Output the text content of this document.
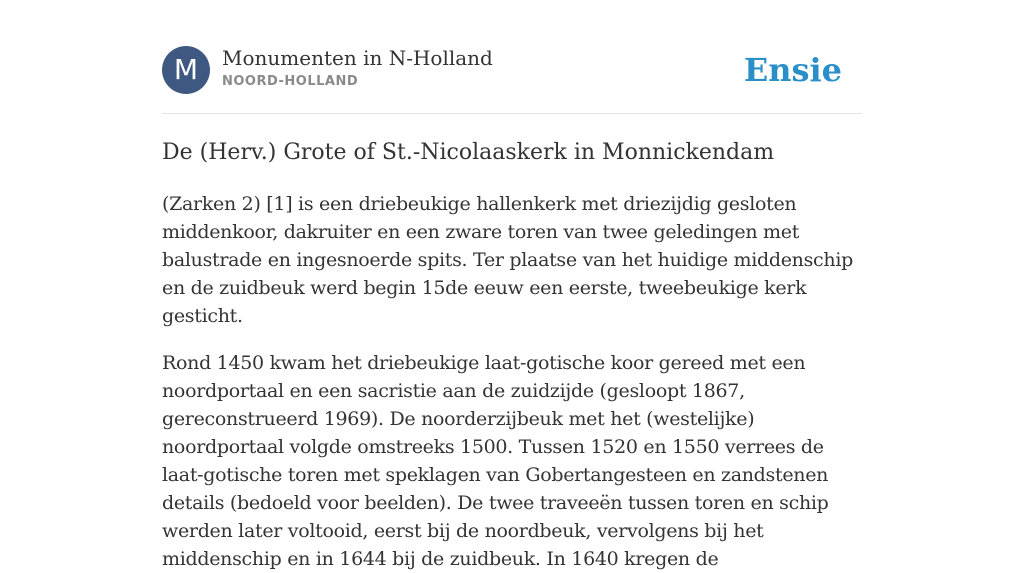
M	Monumenten in N-Holland
NOORD-HOLLAND	Ensie
De (Herv.) Grote of St.-Nicolaaskerk in Monnickendam

(Zarken 2) [1] is een driebeukige hallenkerk met driezijdig gesloten middenkoor, dakruiter en een zware toren van twee geledingen met balustrade en ingesnoerde spits. Ter plaatse van het huidige middenschip en de zuidbeuk werd begin 15de eeuw een eerste, tweebeukige kerk gesticht.

Rond 1450 kwam het driebeukige laat-gotische koor gereed met een noordportaal en een sacristie aan de zuidzijde (gesloopt 1867, gereconstrueerd 1969). De noorderzijbeuk met het (westelijke) noordportaal volgde omstreeks 1500. Tussen 1520 en 1550 verrees de laat-gotische toren met speklagen van Gobertangesteen en zandstenen details (bedoeld voor beelden). De twee traveeën tussen toren en schip werden later voltooid, eerst bij de noordbeuk, vervolgens bij het middenschip en in 1644 bij de zuidbeuk. In 1640 kregen de
